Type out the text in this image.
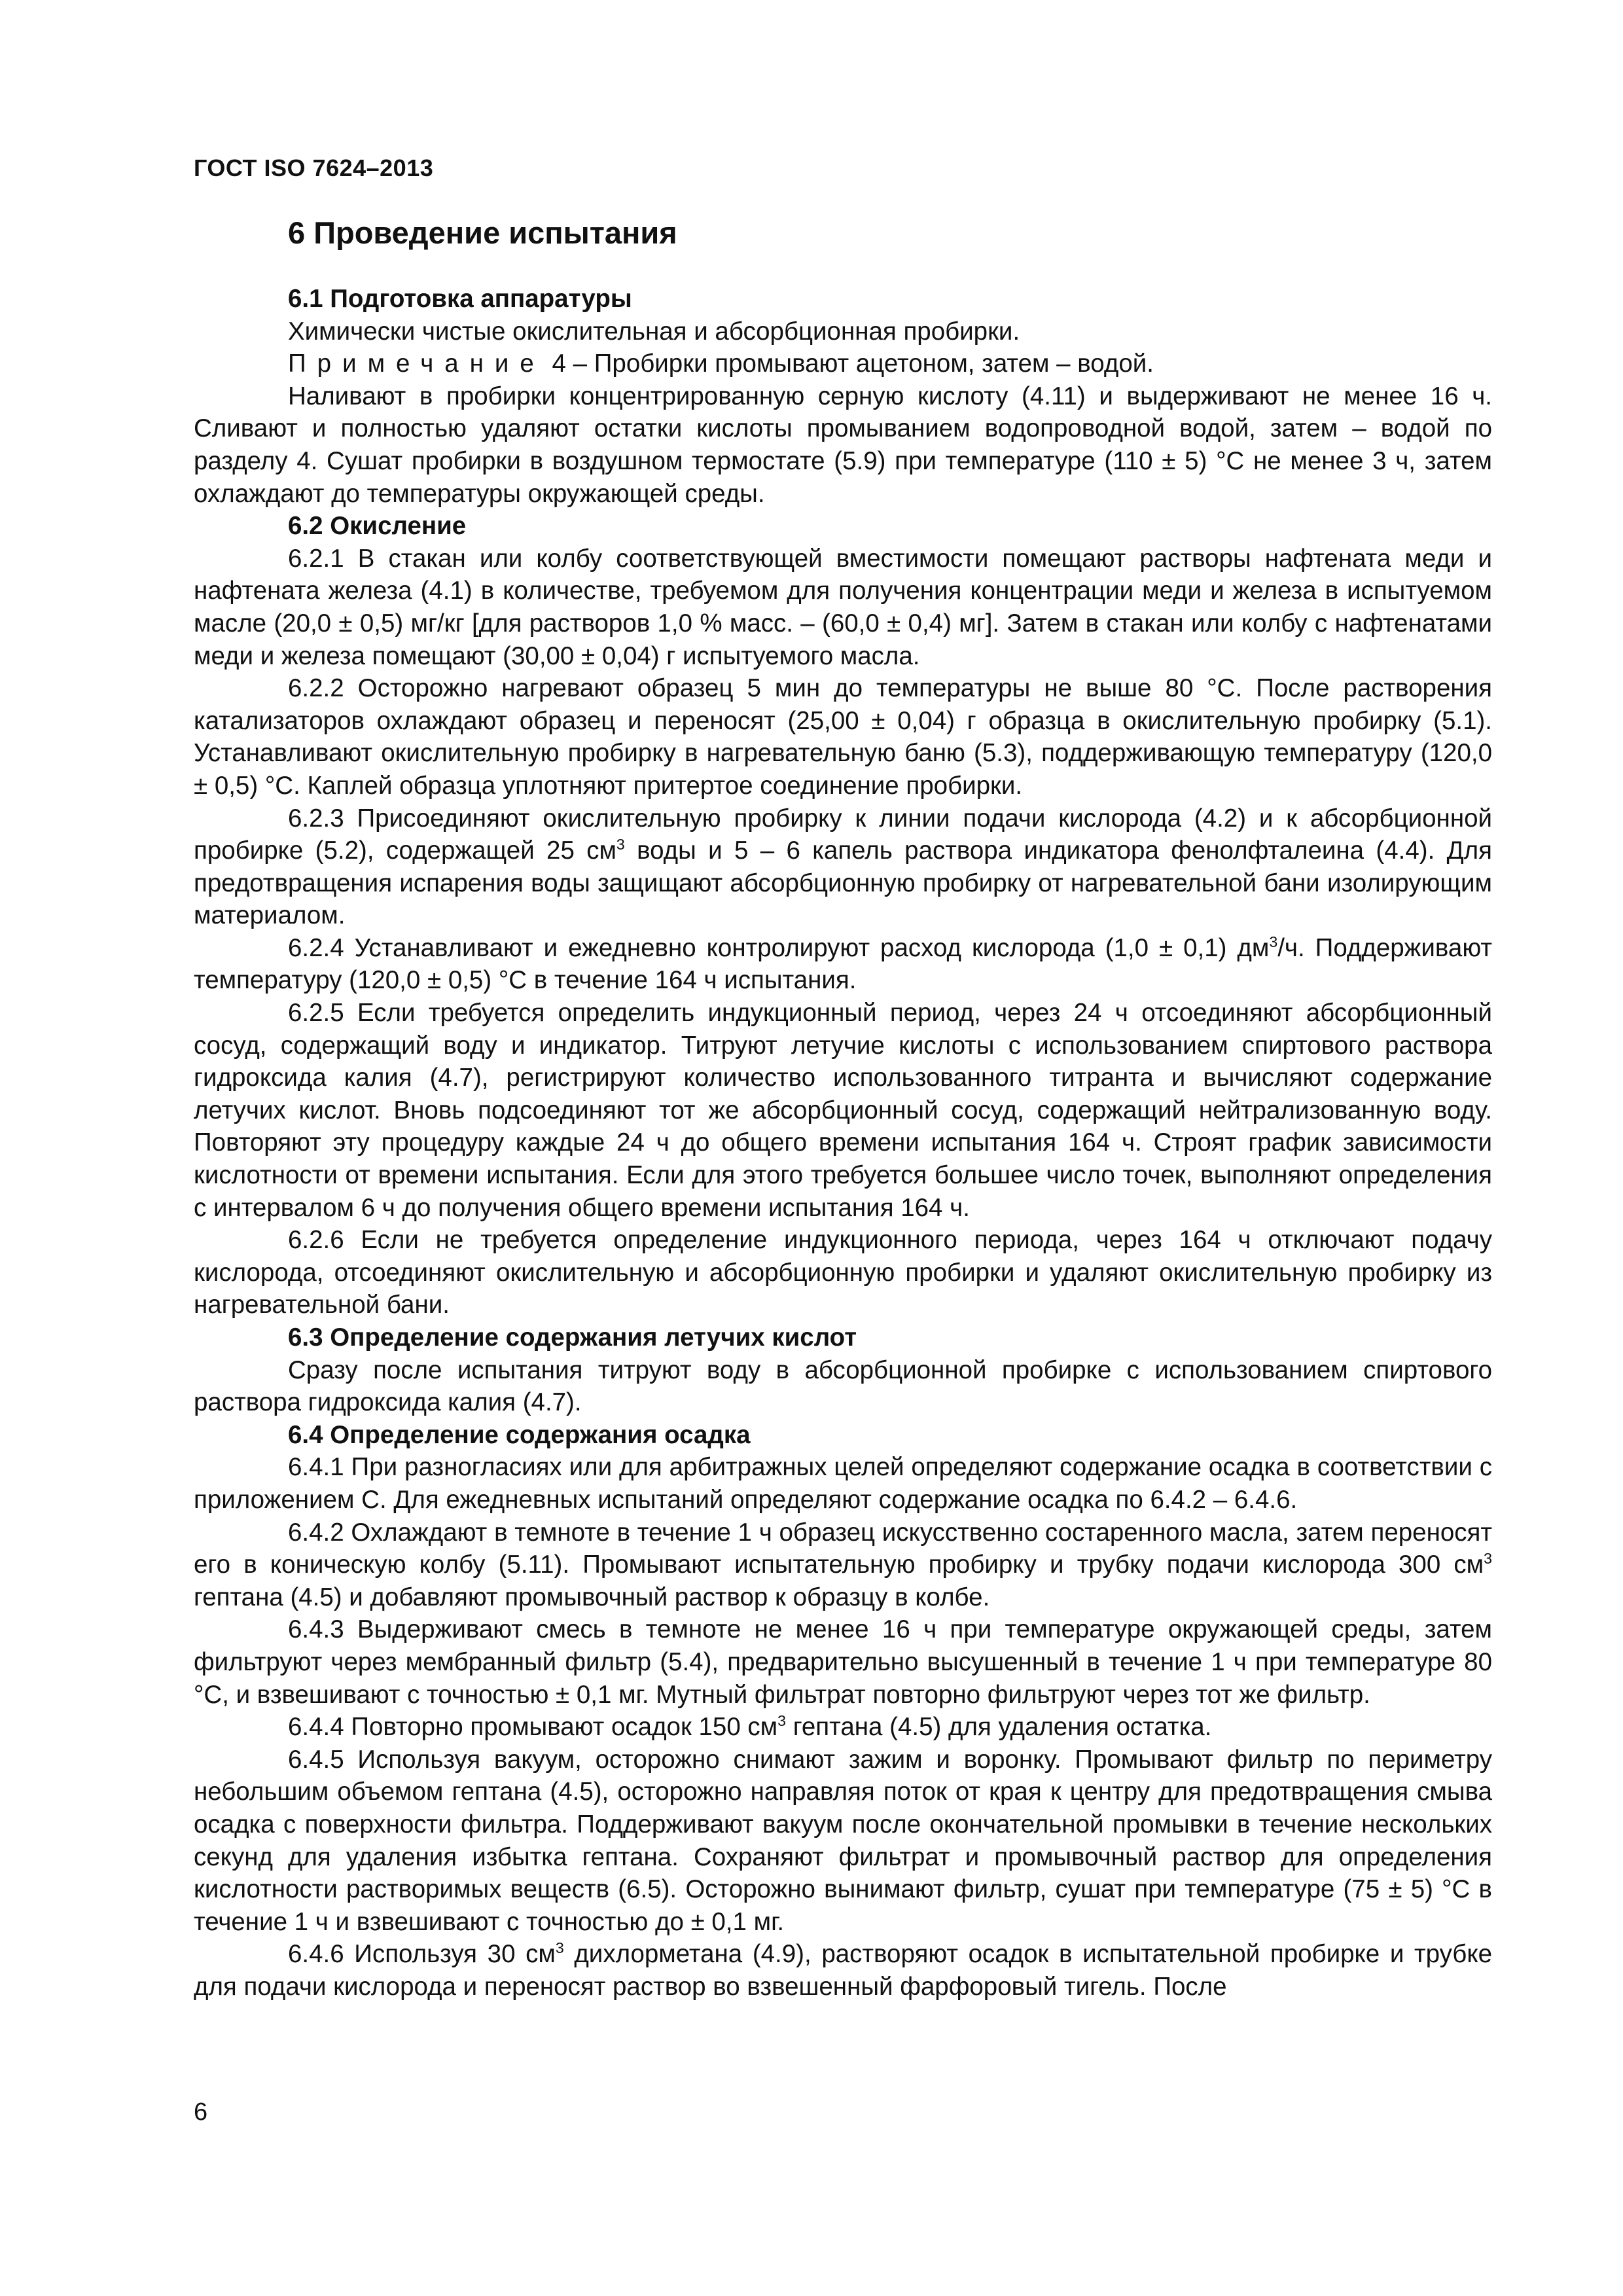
ГОСТ ISO 7624–2013
6 Проведение испытания
6.1 Подготовка аппаратуры

Химически чистые окислительная и абсорбционная пробирки.

Примечание 4 – Пробирки промывают ацетоном, затем – водой.

Наливают в пробирки концентрированную серную кислоту (4.11) и выдерживают не менее 16 ч. Сливают и полностью удаляют остатки кислоты промыванием водопроводной водой, затем – водой по разделу 4. Сушат пробирки в воздушном термостате (5.9) при температуре (110 ± 5) °С не менее 3 ч, затем охлаждают до температуры окружающей среды.

6.2 Окисление

6.2.1 В стакан или колбу соответствующей вместимости помещают растворы нафтената меди и нафтената железа (4.1) в количестве, требуемом для получения концентрации меди и железа в испытуемом масле (20,0 ± 0,5) мг/кг [для растворов 1,0 % масс. – (60,0 ± 0,4) мг]. Затем в стакан или колбу с нафтенатами меди и железа помещают (30,00 ± 0,04) г испытуемого масла.

6.2.2 Осторожно нагревают образец 5 мин до температуры не выше 80 °С. После растворения катализаторов охлаждают образец и переносят (25,00 ± 0,04) г образца в окислительную пробирку (5.1). Устанавливают окислительную пробирку в нагревательную баню (5.3), поддерживающую температуру (120,0 ± 0,5) °С. Каплей образца уплотняют притертое соединение пробирки.

6.2.3 Присоединяют окислительную пробирку к линии подачи кислорода (4.2) и к абсорбционной пробирке (5.2), содержащей 25 $см^3$ воды и 5 – 6 капель раствора индикатора фенолфталеина (4.4). Для предотвращения испарения воды защищают абсорбционную пробирку от нагревательной бани изолирующим материалом.

6.2.4 Устанавливают и ежедневно контролируют расход кислорода (1,0 ± 0,1) $дм^3/ч$. Поддерживают температуру (120,0 ± 0,5) °С в течение 164 ч испытания.

6.2.5 Если требуется определить индукционный период, через 24 ч отсоединяют абсорбционный сосуд, содержащий воду и индикатор. Титруют летучие кислоты с использованием спиртового раствора гидроксида калия (4.7), регистрируют количество использованного титранта и вычисляют содержание летучих кислот. Вновь подсоединяют тот же абсорбционный сосуд, содержащий нейтрализованную воду. Повторяют эту процедуру каждые 24 ч до общего времени испытания 164 ч. Строят график зависимости кислотности от времени испытания. Если для этого требуется большее число точек, выполняют определения с интервалом 6 ч до получения общего времени испытания 164 ч.

6.2.6 Если не требуется определение индукционного периода, через 164 ч отключают подачу кислорода, отсоединяют окислительную и абсорбционную пробирки и удаляют окислительную пробирку из нагревательной бани.

6.3 Определение содержания летучих кислот

Сразу после испытания титруют воду в абсорбционной пробирке с использованием спиртового раствора гидроксида калия (4.7).

6.4 Определение содержания осадка

6.4.1 При разногласиях или для арбитражных целей определяют содержание осадка в соответствии с приложением С. Для ежедневных испытаний определяют содержание осадка по 6.4.2 – 6.4.6.

6.4.2 Охлаждают в темноте в течение 1 ч образец искусственно состаренного масла, затем переносят его в коническую колбу (5.11). Промывают испытательную пробирку и трубку подачи кислорода 300 $см^3$ гептана (4.5) и добавляют промывочный раствор к образцу в колбе.

6.4.3 Выдерживают смесь в темноте не менее 16 ч при температуре окружающей среды, затем фильтруют через мембранный фильтр (5.4), предварительно высушенный в течение 1 ч при температуре 80 °С, и взвешивают с точностью ± 0,1 мг. Мутный фильтрат повторно фильтруют через тот же фильтр.

6.4.4 Повторно промывают осадок 150 $см^3$ гептана (4.5) для удаления остатка.

6.4.5 Используя вакуум, осторожно снимают зажим и воронку. Промывают фильтр по периметру небольшим объемом гептана (4.5), осторожно направляя поток от края к центру для предотвращения смыва осадка с поверхности фильтра. Поддерживают вакуум после окончательной промывки в течение нескольких секунд для удаления избытка гептана. Сохраняют фильтрат и промывочный раствор для определения кислотности растворимых веществ (6.5). Осторожно вынимают фильтр, сушат при температуре (75 ± 5) °С в течение 1 ч и взвешивают с точностью до ± 0,1 мг.

6.4.6 Используя 30 $см^3$ дихлорметана (4.9), растворяют осадок в испытательной пробирке и трубке для подачи кислорода и переносят раствор во взвешенный фарфоровый тигель. После

6
